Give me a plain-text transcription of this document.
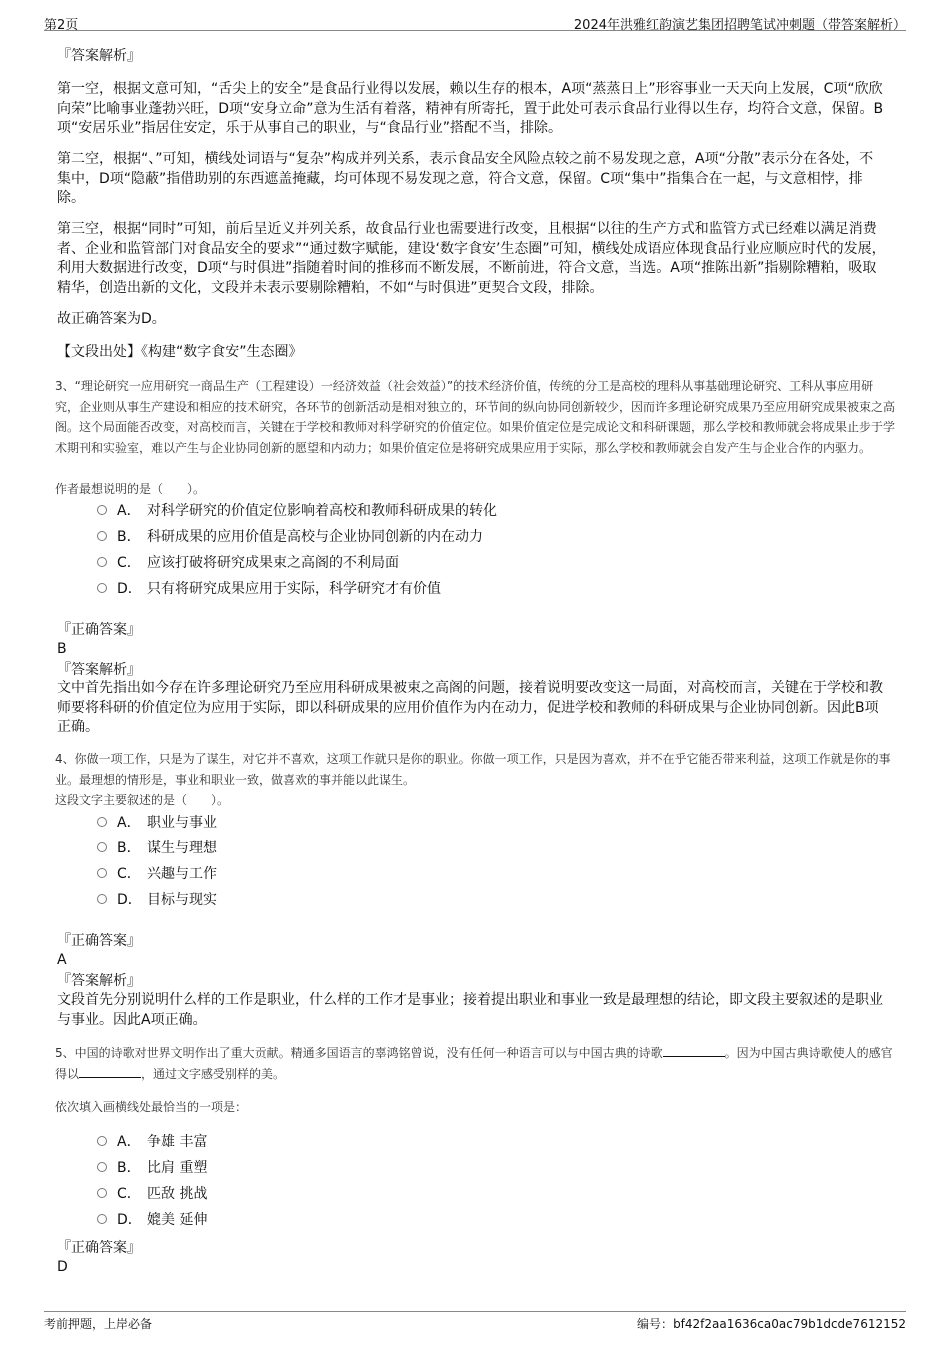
第2页	2024年洪雅红韵演艺集团招聘笔试冲刺题（带答案解析）
『答案解析』

第一空，根据文意可知，“舌尖上的安全”是食品行业得以发展，赖以生存的根本，A项“蒸蒸日上”形容事业一天天向上发展，C项“欣欣向荣”比喻事业蓬勃兴旺，D项“安身立命”意为生活有着落，精神有所寄托，置于此处可表示食品行业得以生存，均符合文意，保留。B项“安居乐业”指居住安定，乐于从事自己的职业，与“食品行业”搭配不当，排除。

第二空，根据“、”可知，横线处词语与“复杂”构成并列关系，表示食品安全风险点较之前不易发现之意，A项“分散”表示分在各处，不集中，D项“隐蔽”指借助别的东西遮盖掩藏，均可体现不易发现之意，符合文意，保留。C项“集中”指集合在一起，与文意相悖，排除。

第三空，根据“同时”可知，前后呈近义并列关系，故食品行业也需要进行改变，且根据“以往的生产方式和监管方式已经难以满足消费者、企业和监管部门对食品安全的要求”“通过数字赋能，建设‘数字食安’生态圈”可知，横线处成语应体现食品行业应顺应时代的发展，利用大数据进行改变，D项“与时俱进”指随着时间的推移而不断发展，不断前进，符合文意，当选。A项“推陈出新”指剔除糟粕，吸取精华，创造出新的文化，文段并未表示要剔除糟粕，不如“与时俱进”更契合文段，排除。

故正确答案为D。

【文段出处】《构建“数字食安”生态圈》

3、“理论研究一应用研究一商品生产（工程建设）一经济效益（社会效益）”的技术经济价值，传统的分工是高校的理科从事基础理论研究、工科从事应用研究，企业则从事生产建设和相应的技术研究，各环节的创新活动是相对独立的，环节间的纵向协同创新较少，因而许多理论研究成果乃至应用研究成果被束之高阁。这个局面能否改变，对高校而言，关键在于学校和教师对科学研究的价值定位。如果价值定位是完成论文和科研课题，那么学校和教师就会将成果止步于学术期刊和实验室，难以产生与企业协同创新的愿望和内动力；如果价值定位是将研究成果应用于实际，那么学校和教师就会自发产生与企业合作的内驱力。

作者最想说明的是（　　）。

A． 对科学研究的价值定位影响着高校和教师科研成果的转化
B． 科研成果的应用价值是高校与企业协同创新的内在动力
C． 应该打破将研究成果束之高阁的不利局面
D． 只有将研究成果应用于实际，科学研究才有价值
『正确答案』
B
『答案解析』

文中首先指出如今存在许多理论研究乃至应用科研成果被束之高阁的问题，接着说明要改变这一局面，对高校而言，关键在于学校和教师要将科研的价值定位为应用于实际，即以科研成果的应用价值作为内在动力，促进学校和教师的科研成果与企业协同创新。因此B项正确。

4、你做一项工作，只是为了谋生，对它并不喜欢，这项工作就只是你的职业。你做一项工作，只是因为喜欢，并不在乎它能否带来利益，这项工作就是你的事业。最理想的情形是，事业和职业一致，做喜欢的事并能以此谋生。

这段文字主要叙述的是（　　）。

A． 职业与事业
B． 谋生与理想
C． 兴趣与工作
D． 目标与现实
『正确答案』
A
『答案解析』

文段首先分别说明什么样的工作是职业，什么样的工作才是事业；接着提出职业和事业一致是最理想的结论，即文段主要叙述的是职业与事业。因此A项正确。

5、中国的诗歌对世界文明作出了重大贡献。精通多国语言的辜鸿铭曾说，没有任何一种语言可以与中国古典的诗歌	。因为中国古典诗歌使人的感官得以	，通过文字感受别样的美。

依次填入画横线处最恰当的一项是：

A． 争雄 丰富
B． 比肩 重塑
C． 匹敌 挑战
D． 媲美 延伸
『正确答案』
D
考前押题，上岸必备	编号：bf42f2aa1636ca0ac79b1dcde7612152
